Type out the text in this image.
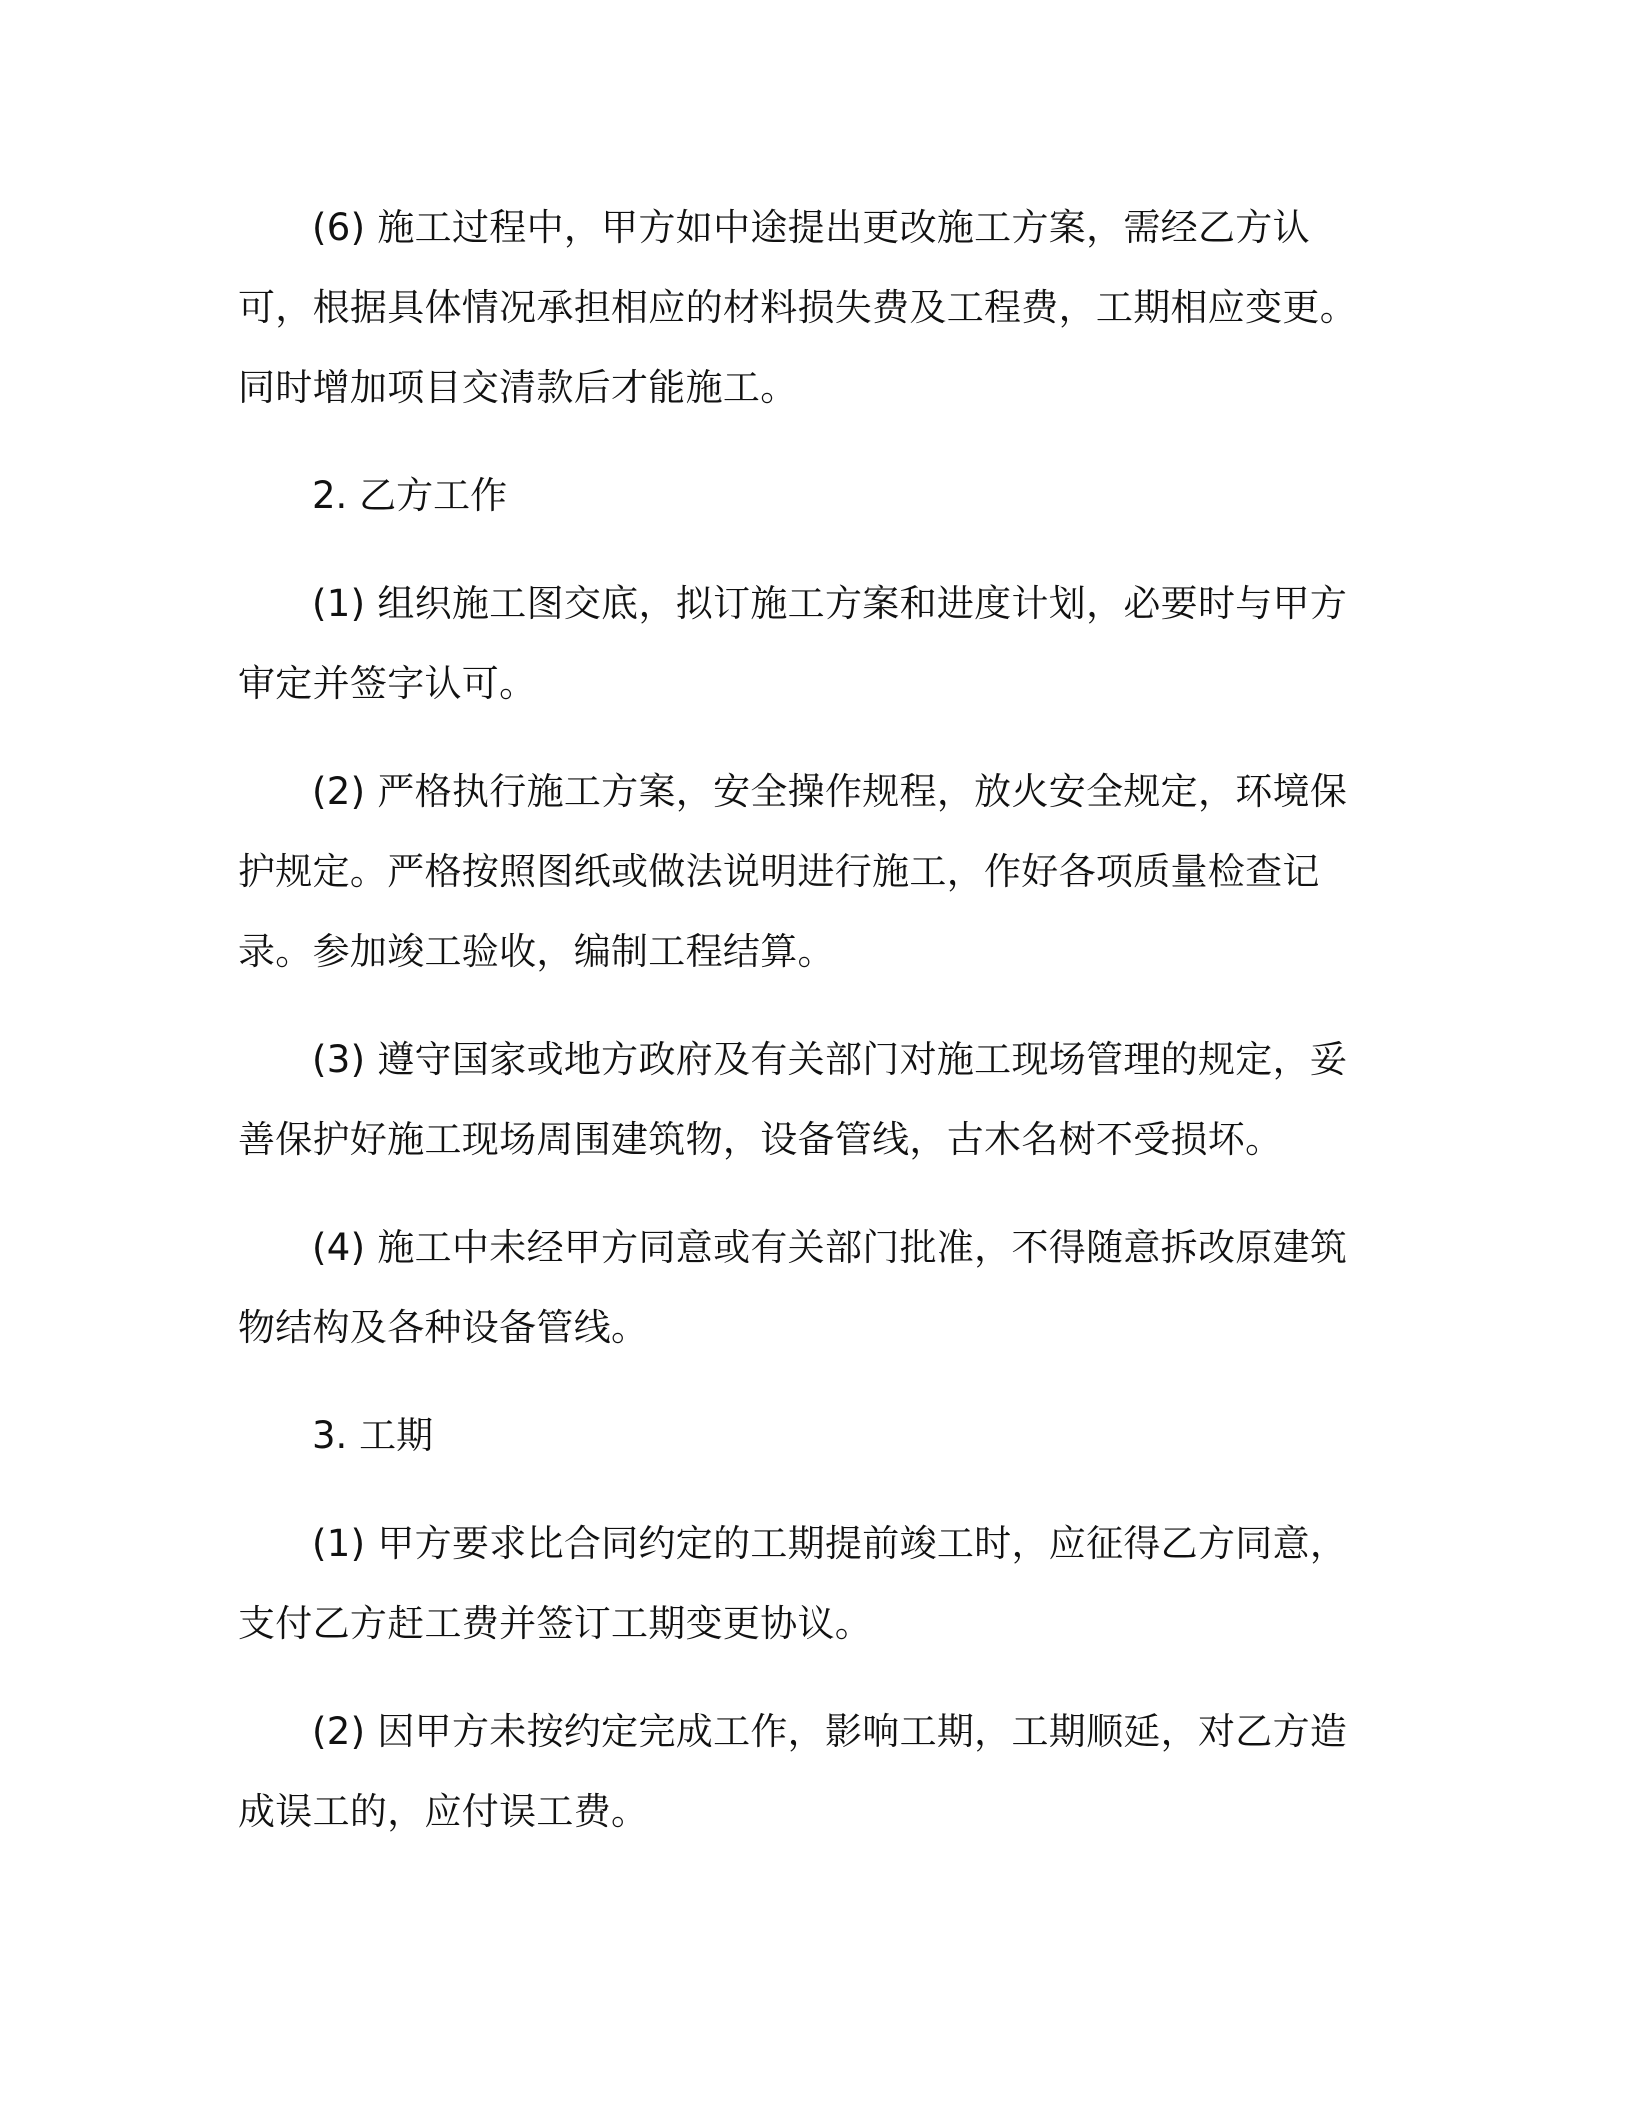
(6) 施工过程中，甲方如中途提出更改施工方案，需经乙方认可，根据具体情况承担相应的材料损失费及工程费，工期相应变更。同时增加项目交清款后才能施工。

2. 乙方工作

(1) 组织施工图交底，拟订施工方案和进度计划，必要时与甲方审定并签字认可。

(2) 严格执行施工方案，安全操作规程，放火安全规定，环境保护规定。严格按照图纸或做法说明进行施工，作好各项质量检查记录。参加竣工验收，编制工程结算。

(3) 遵守国家或地方政府及有关部门对施工现场管理的规定，妥善保护好施工现场周围建筑物，设备管线，古木名树不受损坏。

(4) 施工中未经甲方同意或有关部门批准，不得随意拆改原建筑物结构及各种设备管线。

3. 工期

(1) 甲方要求比合同约定的工期提前竣工时，应征得乙方同意，支付乙方赶工费并签订工期变更协议。

(2) 因甲方未按约定完成工作，影响工期，工期顺延，对乙方造成误工的，应付误工费。
